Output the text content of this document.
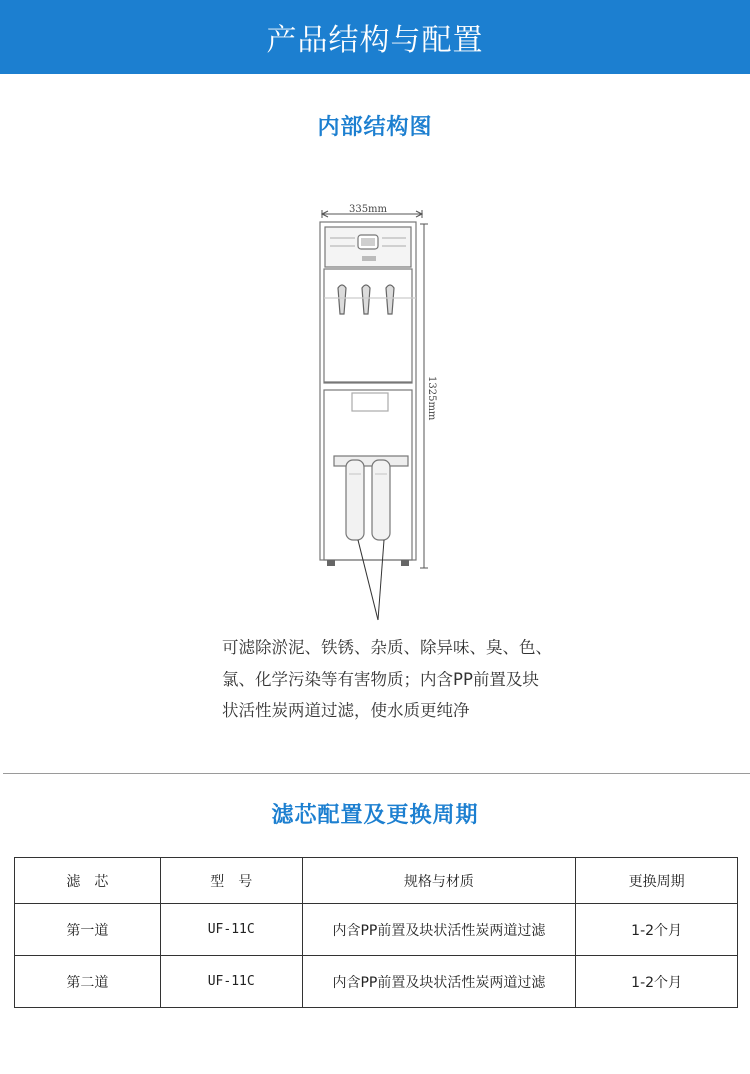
产品结构与配置
内部结构图
335mm
1325mm
可滤除淤泥、铁锈、杂质、除异味、臭、色、
氯、化学污染等有害物质；内含PP前置及块
状活性炭两道过滤，使水质更纯净
滤芯配置及更换周期
滤　芯	型　号	规格与材质	更换周期
第一道	UF-11C	内含PP前置及块状活性炭两道过滤	1-2个月
第二道	UF-11C	内含PP前置及块状活性炭两道过滤	1-2个月
